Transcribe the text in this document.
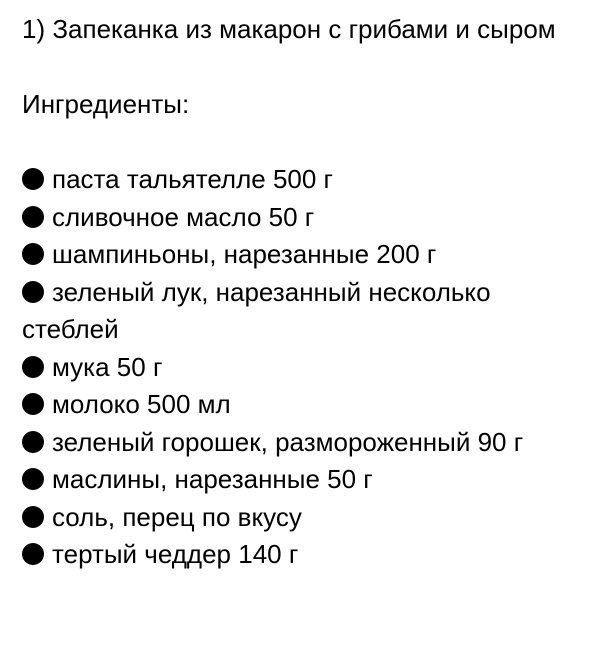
1) Запеканка из макарон с грибами и сыром
Ингредиенты:
паста тальятелле 500 г
сливочное масло 50 г
шампиньоны, нарезанные 200 г
зеленый лук, нарезанный несколько стеблей
мука 50 г
молоко 500 мл
зеленый горошек, размороженный 90 г
маслины, нарезанные 50 г
соль, перец по вкусу
тертый чеддер 140 г
